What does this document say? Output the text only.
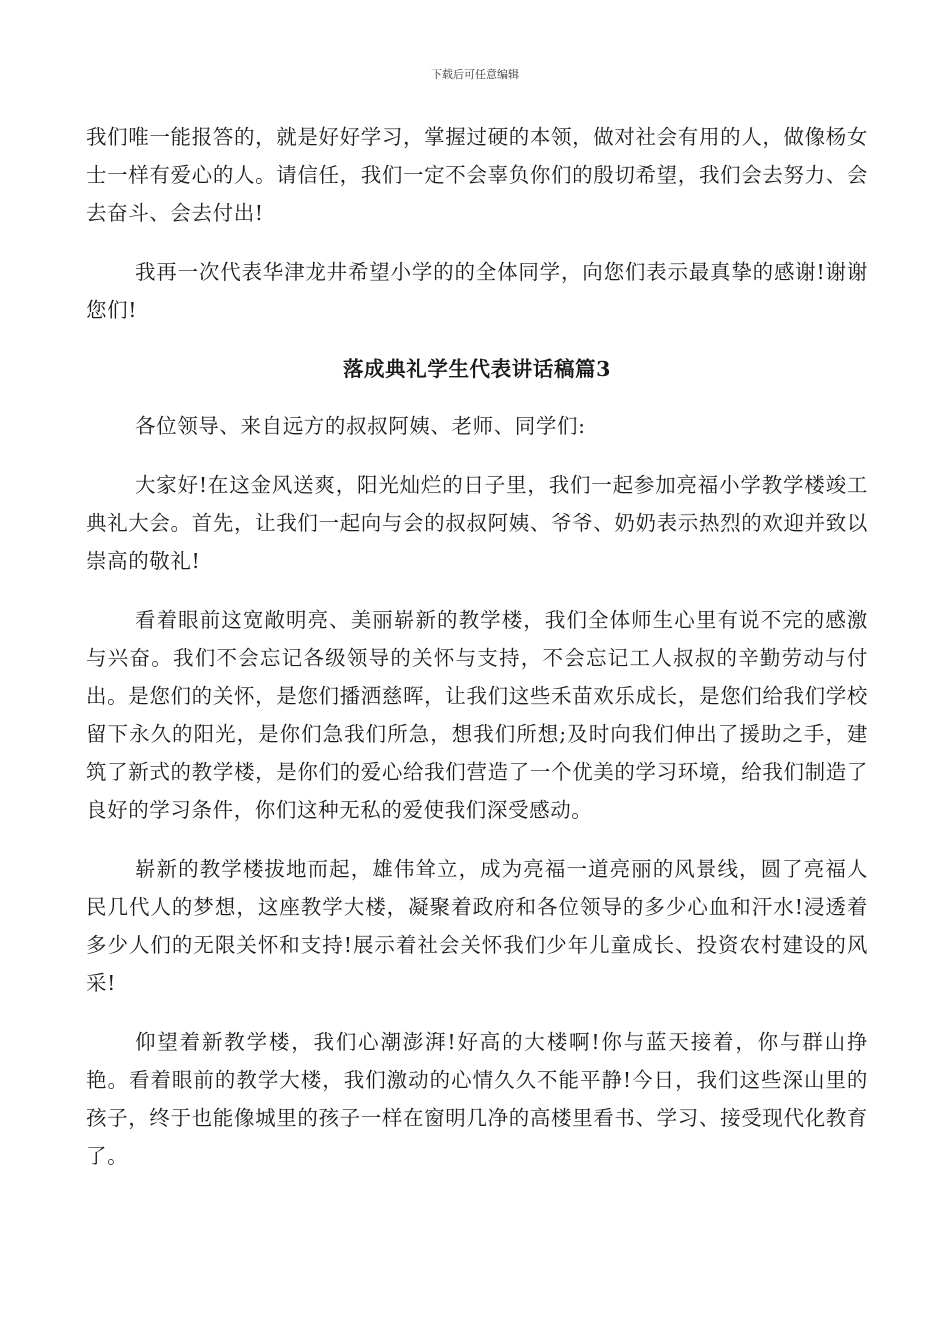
下载后可任意编辑

我们唯一能报答的，就是好好学习，掌握过硬的本领，做对社会有用的人，做像杨女士一样有爱心的人。请信任，我们一定不会辜负你们的殷切希望，我们会去努力、会去奋斗、会去付出!

我再一次代表华津龙井希望小学的的全体同学，向您们表示最真挚的感谢!谢谢您们!

落成典礼学生代表讲话稿篇3

各位领导、来自远方的叔叔阿姨、老师、同学们:

大家好!在这金风送爽，阳光灿烂的日子里，我们一起参加亮福小学教学楼竣工典礼大会。首先，让我们一起向与会的叔叔阿姨、爷爷、奶奶表示热烈的欢迎并致以崇高的敬礼!

看着眼前这宽敞明亮、美丽崭新的教学楼，我们全体师生心里有说不完的感激与兴奋。我们不会忘记各级领导的关怀与支持，不会忘记工人叔叔的辛勤劳动与付出。是您们的关怀，是您们播洒慈晖，让我们这些禾苗欢乐成长，是您们给我们学校留下永久的阳光，是你们急我们所急，想我们所想;及时向我们伸出了援助之手，建筑了新式的教学楼，是你们的爱心给我们营造了一个优美的学习环境，给我们制造了良好的学习条件，你们这种无私的爱使我们深受感动。

崭新的教学楼拔地而起，雄伟耸立，成为亮福一道亮丽的风景线，圆了亮福人民几代人的梦想，这座教学大楼，凝聚着政府和各位领导的多少心血和汗水!浸透着多少人们的无限关怀和支持!展示着社会关怀我们少年儿童成长、投资农村建设的风采!

仰望着新教学楼，我们心潮澎湃!好高的大楼啊!你与蓝天接着，你与群山挣艳。看着眼前的教学大楼，我们激动的心情久久不能平静!今日，我们这些深山里的孩子，终于也能像城里的孩子一样在窗明几净的高楼里看书、学习、接受现代化教育了。
